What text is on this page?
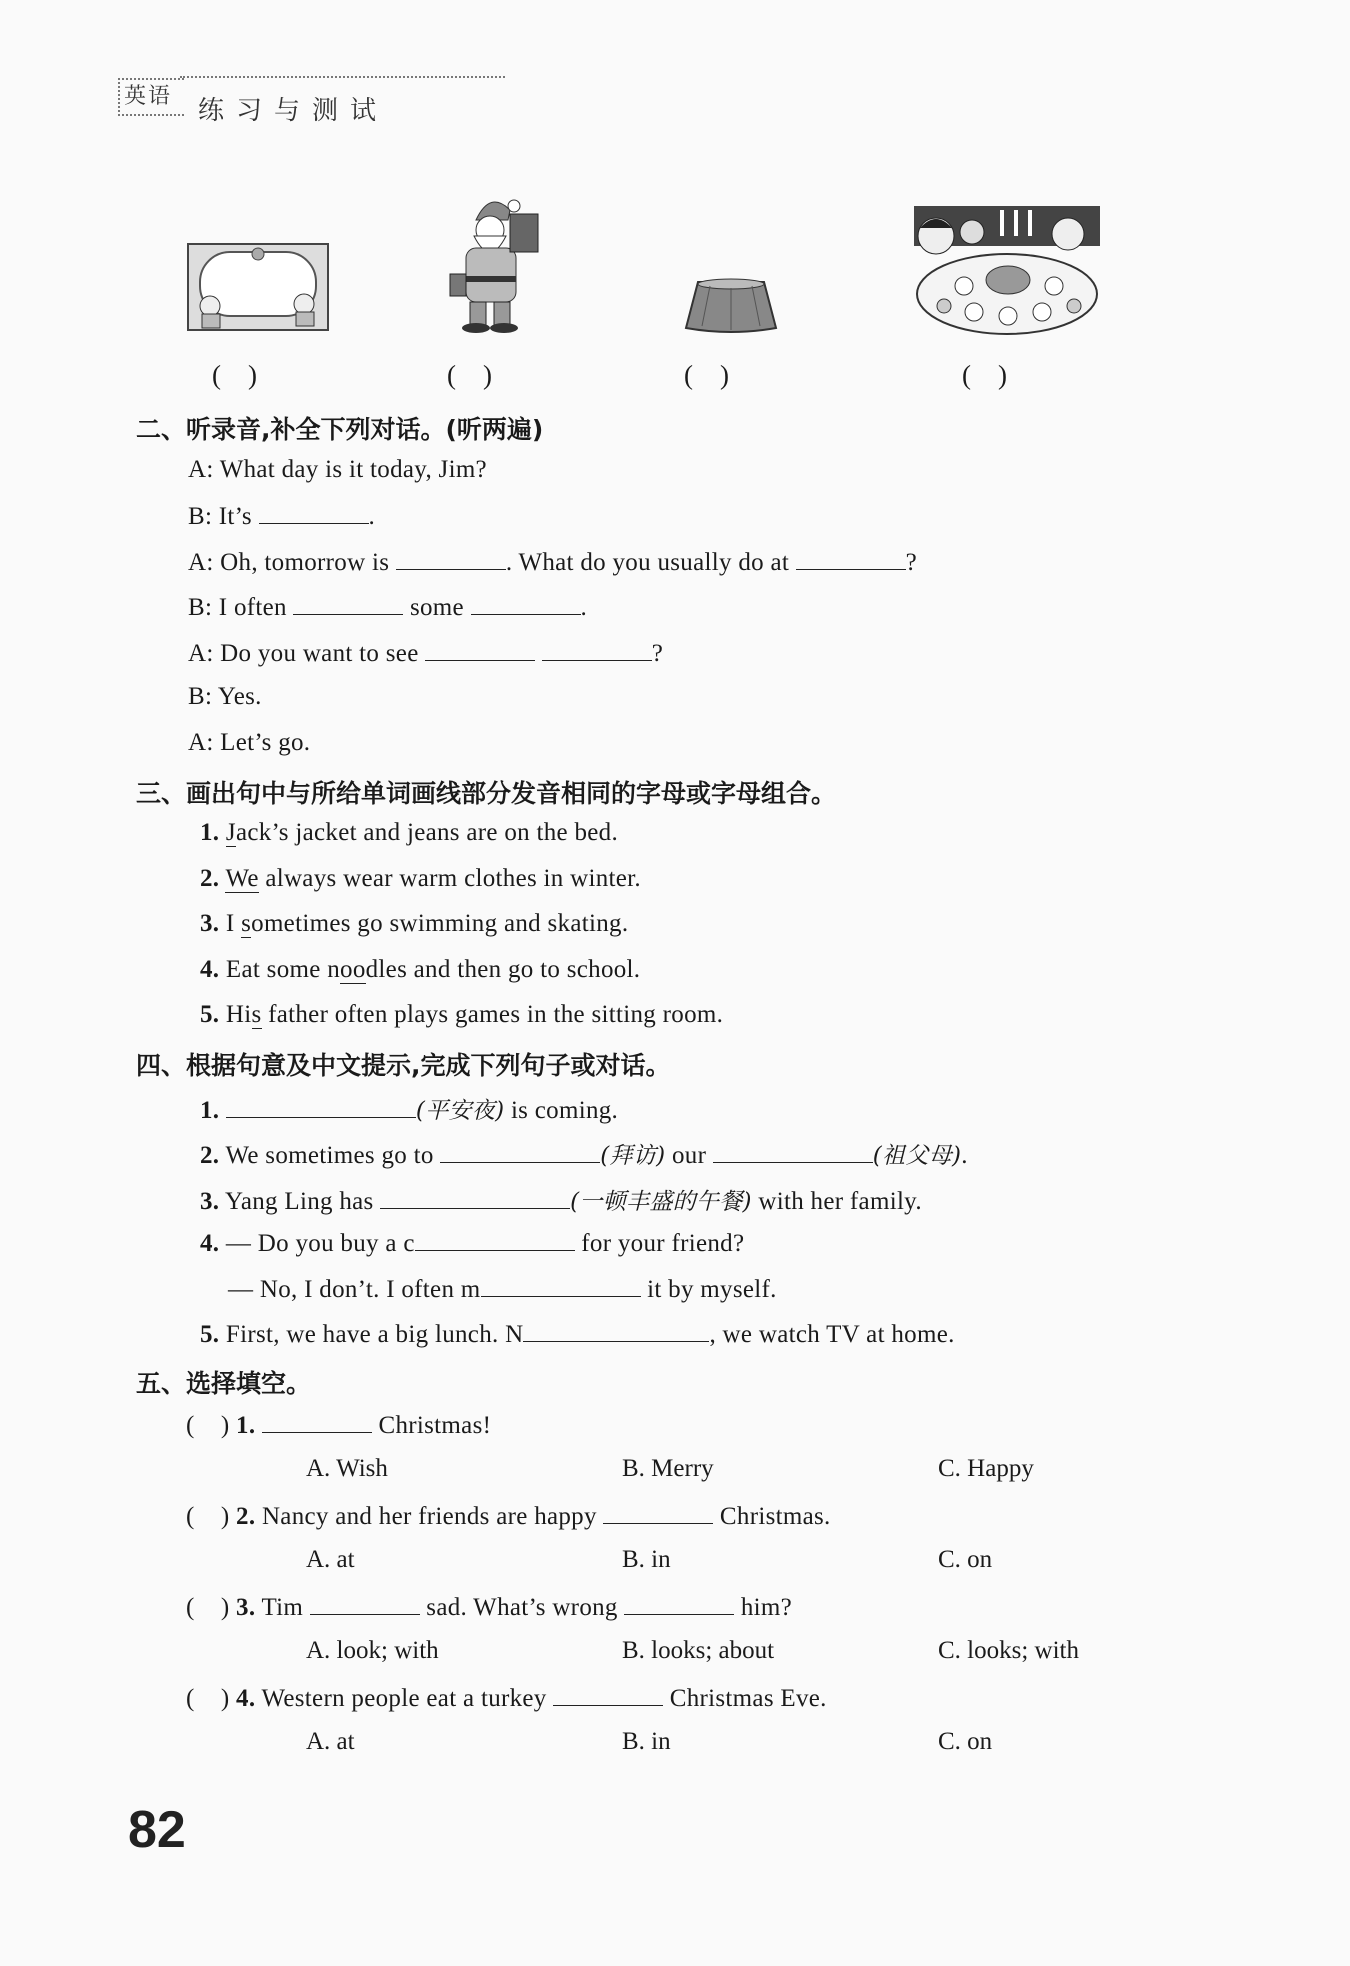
英语 练习与测试
(    )	(    )	(    )	(    )
二、听录音,补全下列对话。(听两遍)
A: What day is it today, Jim?
B: It’s	.
A: Oh, tomorrow is	. What do you usually do at	?
B: I often	some	.
A: Do you want to see	?
B: Yes.
A: Let’s go.
三、画出句中与所给单词画线部分发音相同的字母或字母组合。
1. Jack’s jacket and jeans are on the bed.
2. We always wear warm clothes in winter.
3. I sometimes go swimming and skating.
4. Eat some noodles and then go to school.
5. His father often plays games in the sitting room.
四、根据句意及中文提示,完成下列句子或对话。
1.	(平安夜) is coming.
2. We sometimes go to	(拜访) our	(祖父母).
3. Yang Ling has	(一顿丰盛的午餐) with her family.
4. — Do you buy a c	for your friend?
— No, I don’t. I often m	it by myself.
5. First, we have a big lunch. N	, we watch TV at home.
五、选择填空。
(    ) 1.	Christmas!
A. Wish	B. Merry	C. Happy
(    ) 2. Nancy and her friends are happy	Christmas.
A. at	B. in	C. on
(    ) 3. Tim	sad. What’s wrong	him?
A. look; with	B. looks; about	C. looks; with
(    ) 4. Western people eat a turkey	Christmas Eve.
A. at	B. in	C. on
82
